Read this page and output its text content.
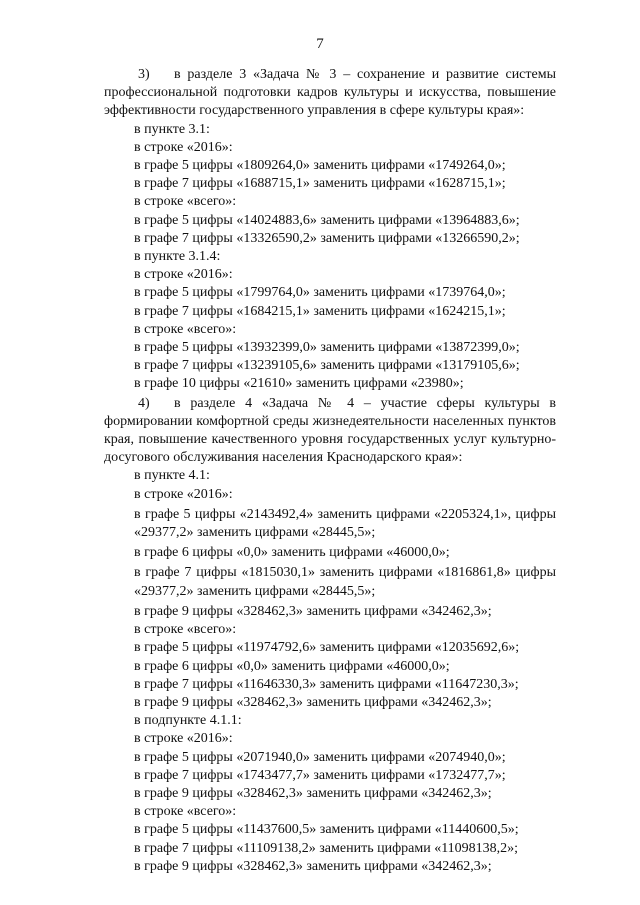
7

3) в разделе 3 «Задача № 3 – сохранение и развитие системы профессиональной подготовки кадров культуры и искусства, повышение эффективности государственного управления в сфере культуры края»:

в пункте 3.1:

в строке «2016»:

в графе 5 цифры «1809264,0» заменить цифрами «1749264,0»;

в графе 7 цифры «1688715,1» заменить цифрами «1628715,1»;

в строке «всего»:

в графе 5 цифры «14024883,6» заменить цифрами «13964883,6»;

в графе 7 цифры «13326590,2» заменить цифрами «13266590,2»;

в пункте 3.1.4:

в строке «2016»:

в графе 5 цифры «1799764,0» заменить цифрами «1739764,0»;

в графе 7 цифры «1684215,1» заменить цифрами «1624215,1»;

в строке «всего»:

в графе 5 цифры «13932399,0» заменить цифрами «13872399,0»;

в графе 7 цифры «13239105,6» заменить цифрами «13179105,6»;

в графе 10 цифры «21610» заменить цифрами «23980»;

4) в разделе 4 «Задача № 4 – участие сферы культуры в формировании комфортной среды жизнедеятельности населенных пунктов края, повышение качественного уровня государственных услуг культурно-досугового обслуживания населения Краснодарского края»:

в пункте 4.1:

в строке «2016»:

в графе 5 цифры «2143492,4» заменить цифрами «2205324,1», цифры «29377,2» заменить цифрами «28445,5»;

в графе 6 цифры «0,0» заменить цифрами «46000,0»;

в графе 7 цифры «1815030,1» заменить цифрами «1816861,8» цифры «29377,2» заменить цифрами «28445,5»;

в графе 9 цифры «328462,3» заменить цифрами «342462,3»;

в строке «всего»:

в графе 5 цифры «11974792,6» заменить цифрами «12035692,6»;

в графе 6 цифры «0,0» заменить цифрами «46000,0»;

в графе 7 цифры «11646330,3» заменить цифрами «11647230,3»;

в графе 9 цифры «328462,3» заменить цифрами «342462,3»;

в подпункте 4.1.1:

в строке «2016»:

в графе 5 цифры «2071940,0» заменить цифрами «2074940,0»;

в графе 7 цифры «1743477,7» заменить цифрами «1732477,7»;

в графе 9 цифры «328462,3» заменить цифрами «342462,3»;

в строке «всего»:

в графе 5 цифры «11437600,5» заменить цифрами «11440600,5»;

в графе 7 цифры «11109138,2» заменить цифрами «11098138,2»;

в графе 9 цифры «328462,3» заменить цифрами «342462,3»;
